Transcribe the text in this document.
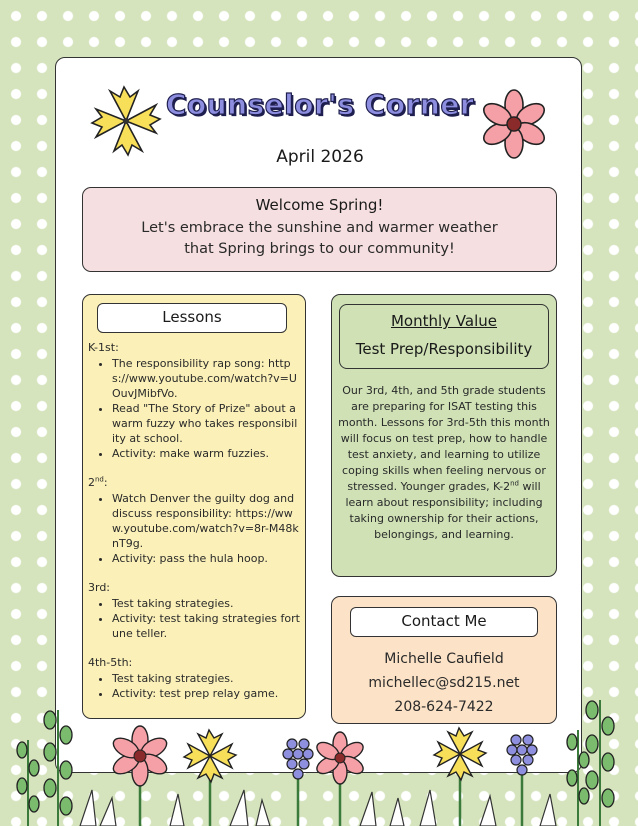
Counselor's Corner
April 2026
Welcome Spring!
Let's embrace the sunshine and warmer weather that Spring brings to our community!
Lessons
K-1st:
• The responsibility rap song: https://www.youtube.com/watch?v=UOuvJMibfVo.
• Read "The Story of Prize" about a warm fuzzy who takes responsibility at school.
• Activity: make warm fuzzies.
2nd:
• Watch Denver the guilty dog and discuss responsibility: https://www.youtube.com/watch?v=8r-M48knT9g.
• Activity: pass the hula hoop.
3rd:
• Test taking strategies.
• Activity: test taking strategies fortune teller.
4th-5th:
• Test taking strategies.
• Activity: test prep relay game.
Monthly Value
Test Prep/Responsibility
Our 3rd, 4th, and 5th grade students are preparing for ISAT testing this month. Lessons for 3rd-5th this month will focus on test prep, how to handle test anxiety, and learning to utilize coping skills when feeling nervous or stressed. Younger grades, K-2nd will learn about responsibility; including taking ownership for their actions, belongings, and learning.
Contact Me
Michelle Caufield
michellec@sd215.net
208-624-7422
